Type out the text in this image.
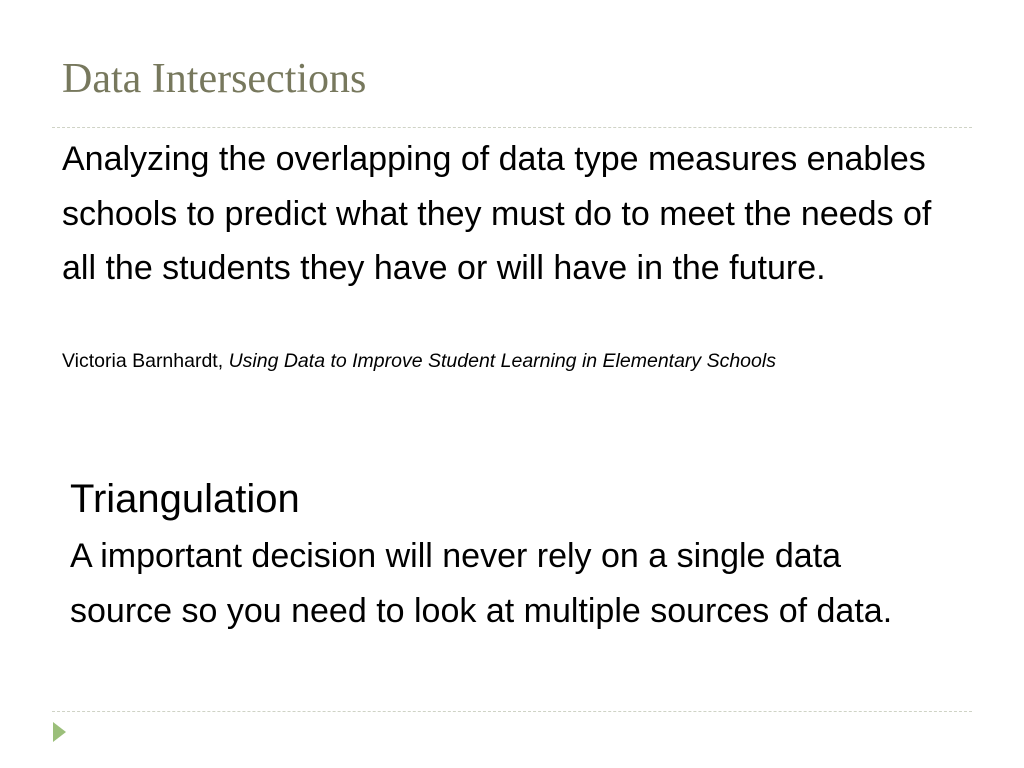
Data Intersections

Analyzing the overlapping of data type measures enables schools to predict what they must do to meet the needs of all the students they have or will have in the future.

Victoria Barnhardt, Using Data to Improve Student Learning in Elementary Schools

Triangulation

A important decision will never rely on a single data source so you need to look at multiple sources of data.
